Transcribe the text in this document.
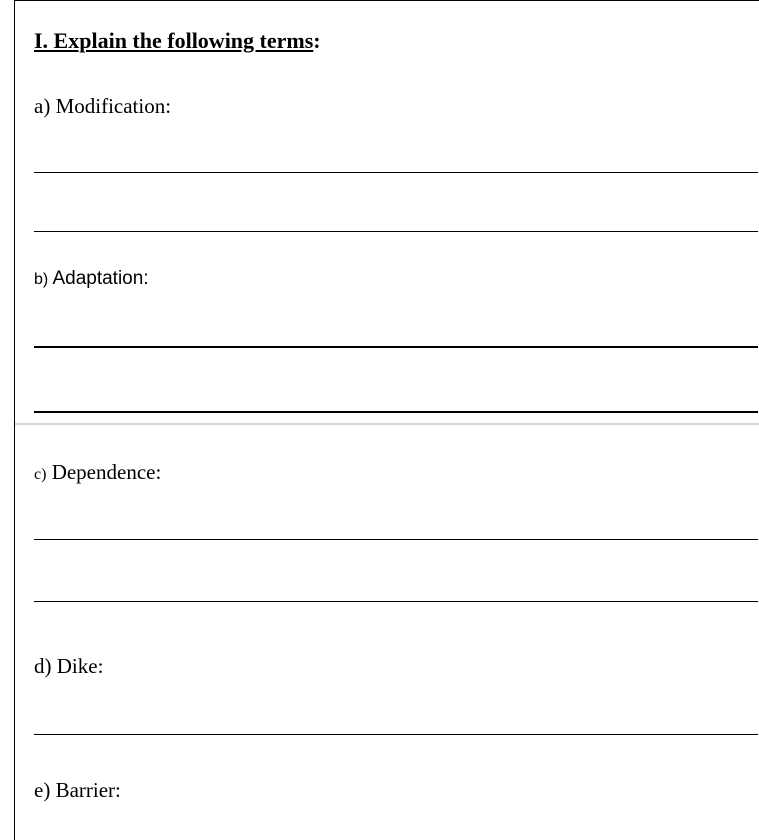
I. Explain the following terms:
a) Modification:
b) Adaptation:
c) Dependence:
d) Dike:
e) Barrier:
